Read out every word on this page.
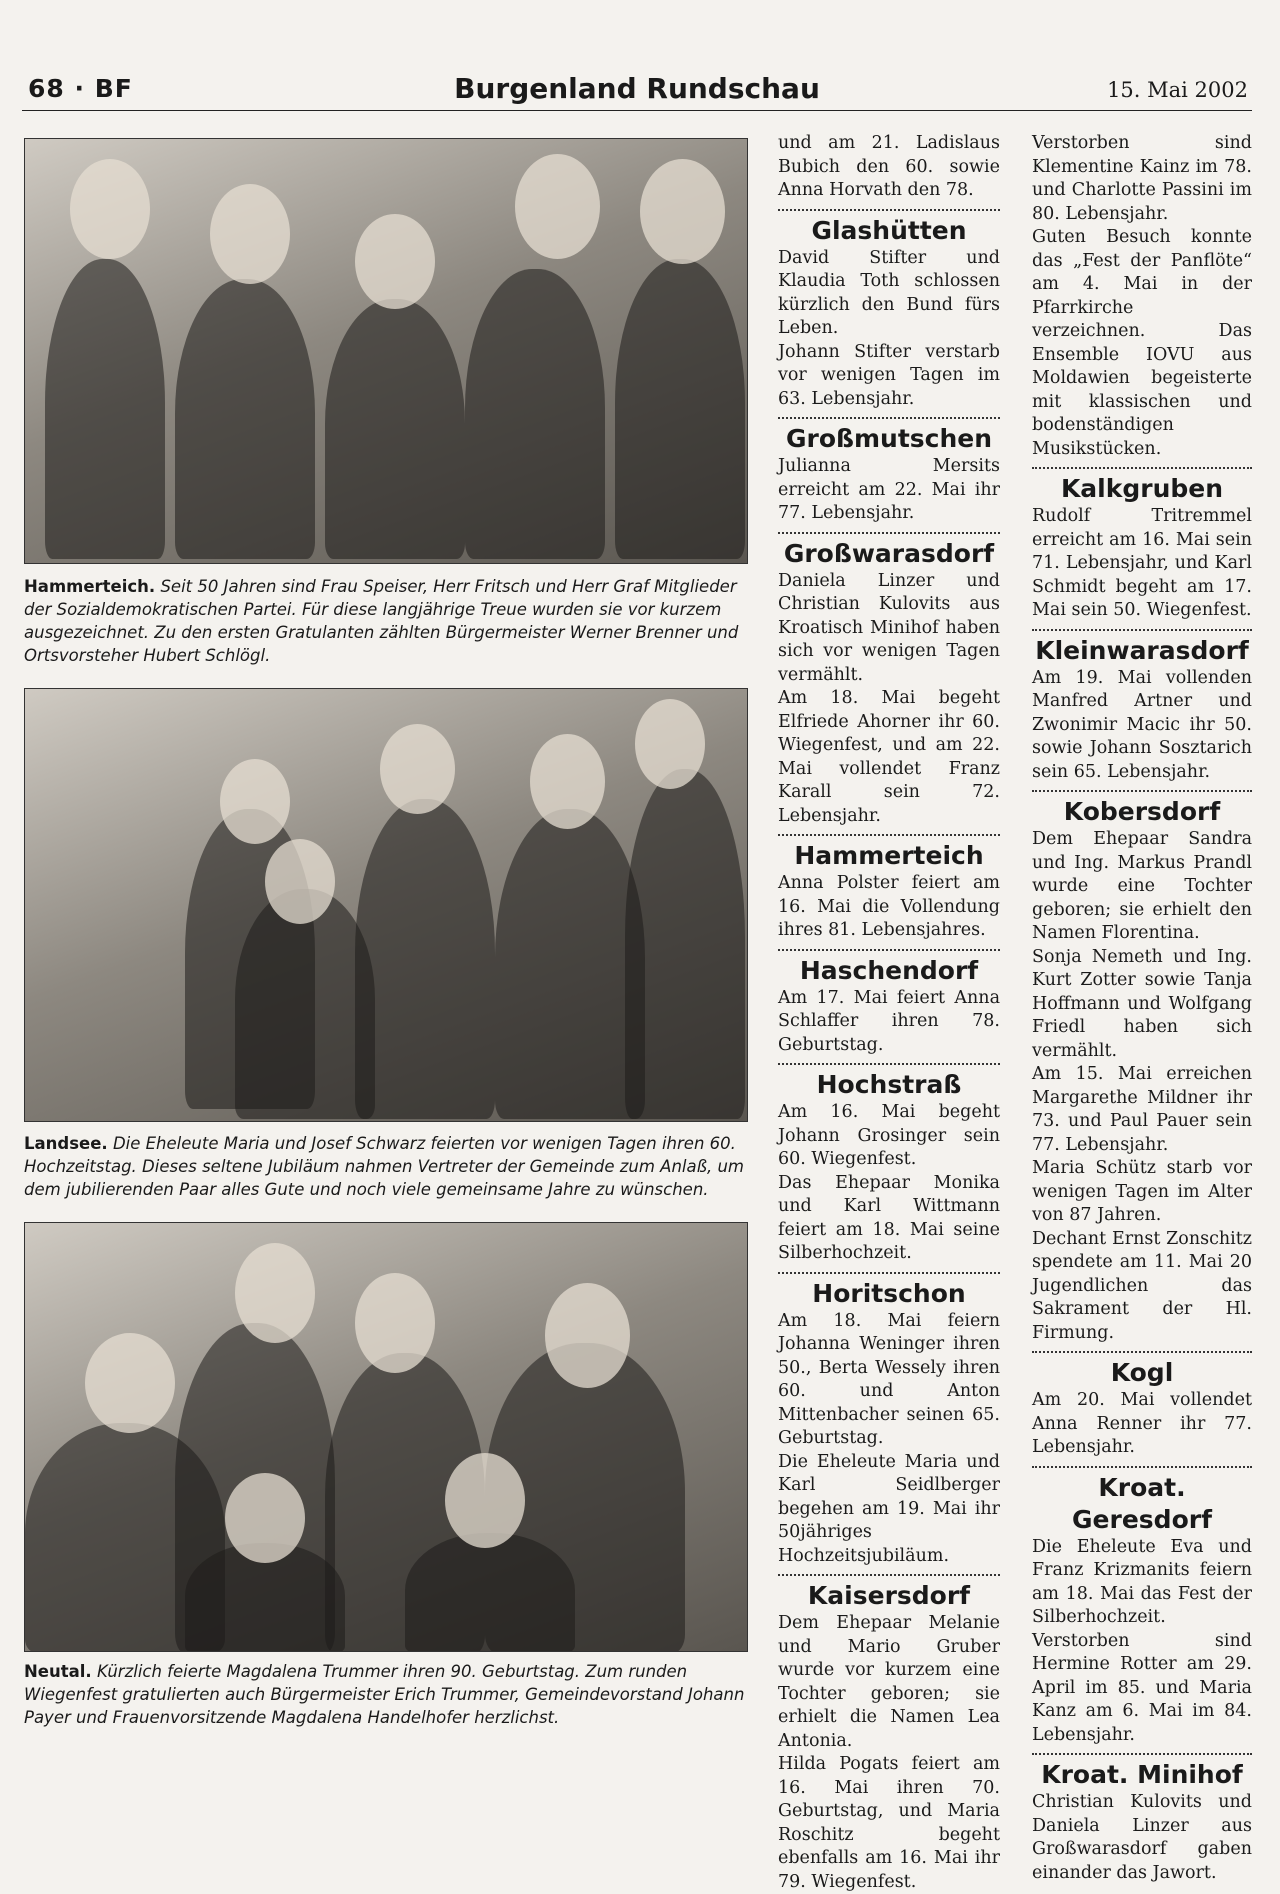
68 · BF	Burgenland Rundschau	15. Mai 2002
Hammerteich. Seit 50 Jahren sind Frau Speiser, Herr Fritsch und Herr Graf Mitglieder der Sozialdemokratischen Partei. Für diese langjährige Treue wurden sie vor kurzem ausgezeichnet. Zu den ersten Gratulanten zählten Bürgermeister Werner Brenner und Ortsvorsteher Hubert Schlögl.
Landsee. Die Eheleute Maria und Josef Schwarz feierten vor wenigen Tagen ihren 60. Hochzeitstag. Dieses seltene Jubiläum nahmen Vertreter der Gemeinde zum Anlaß, um dem jubilierenden Paar alles Gute und noch viele gemeinsame Jahre zu wünschen.
Neutal. Kürzlich feierte Magdalena Trummer ihren 90. Geburtstag. Zum runden Wiegenfest gratulierten auch Bürgermeister Erich Trummer, Gemeindevorstand Johann Payer und Frauenvorsitzende Magdalena Handelhofer herzlichst.

und am 21. Ladislaus Bubich den 60. sowie Anna Horvath den 78.

Glashütten

David Stifter und Klaudia Toth schlossen kürzlich den Bund fürs Leben.

Johann Stifter verstarb vor wenigen Tagen im 63. Lebensjahr.

Großmutschen

Julianna Mersits erreicht am 22. Mai ihr 77. Lebensjahr.

Großwarasdorf

Daniela Linzer und Christian Kulovits aus Kroatisch Minihof haben sich vor wenigen Tagen vermählt.

Am 18. Mai begeht Elfriede Ahorner ihr 60. Wiegenfest, und am 22. Mai vollendet Franz Karall sein 72. Lebensjahr.

Hammerteich

Anna Polster feiert am 16. Mai die Vollendung ihres 81. Lebensjahres.

Haschendorf

Am 17. Mai feiert Anna Schlaffer ihren 78. Geburtstag.

Hochstraß

Am 16. Mai begeht Johann Grosinger sein 60. Wiegenfest.

Das Ehepaar Monika und Karl Wittmann feiert am 18. Mai seine Silberhochzeit.

Horitschon

Am 18. Mai feiern Johanna Weninger ihren 50., Berta Wessely ihren 60. und Anton Mittenbacher seinen 65. Geburtstag.

Die Eheleute Maria und Karl Seidlberger begehen am 19. Mai ihr 50jähriges Hochzeitsjubiläum.

Kaisersdorf

Dem Ehepaar Melanie und Mario Gruber wurde vor kurzem eine Tochter geboren; sie erhielt die Namen Lea Antonia.

Hilda Pogats feiert am 16. Mai ihren 70. Geburtstag, und Maria Roschitz begeht ebenfalls am 16. Mai ihr 79. Wiegenfest.

Verstorben sind Klementine Kainz im 78. und Charlotte Passini im 80. Lebensjahr.

Guten Besuch konnte das „Fest der Panflöte“ am 4. Mai in der Pfarrkirche verzeichnen. Das Ensemble IOVU aus Moldawien begeisterte mit klassischen und bodenständigen Musikstücken.

Kalkgruben

Rudolf Tritremmel erreicht am 16. Mai sein 71. Lebensjahr, und Karl Schmidt begeht am 17. Mai sein 50. Wiegenfest.

Kleinwarasdorf

Am 19. Mai vollenden Manfred Artner und Zwonimir Macic ihr 50. sowie Johann Sosztarich sein 65. Lebensjahr.

Kobersdorf

Dem Ehepaar Sandra und Ing. Markus Prandl wurde eine Tochter geboren; sie erhielt den Namen Florentina.

Sonja Nemeth und Ing. Kurt Zotter sowie Tanja Hoffmann und Wolfgang Friedl haben sich vermählt.

Am 15. Mai erreichen Margarethe Mildner ihr 73. und Paul Pauer sein 77. Lebensjahr.

Maria Schütz starb vor wenigen Tagen im Alter von 87 Jahren.

Dechant Ernst Zonschitz spendete am 11. Mai 20 Jugendlichen das Sakrament der Hl. Firmung.

Kogl

Am 20. Mai vollendet Anna Renner ihr 77. Lebensjahr.

Kroat. Geresdorf

Die Eheleute Eva und Franz Krizmanits feiern am 18. Mai das Fest der Silberhochzeit.

Verstorben sind Hermine Rotter am 29. April im 85. und Maria Kanz am 6. Mai im 84. Lebensjahr.

Kroat. Minihof

Christian Kulovits und Daniela Linzer aus Großwarasdorf gaben einander das Jawort.
